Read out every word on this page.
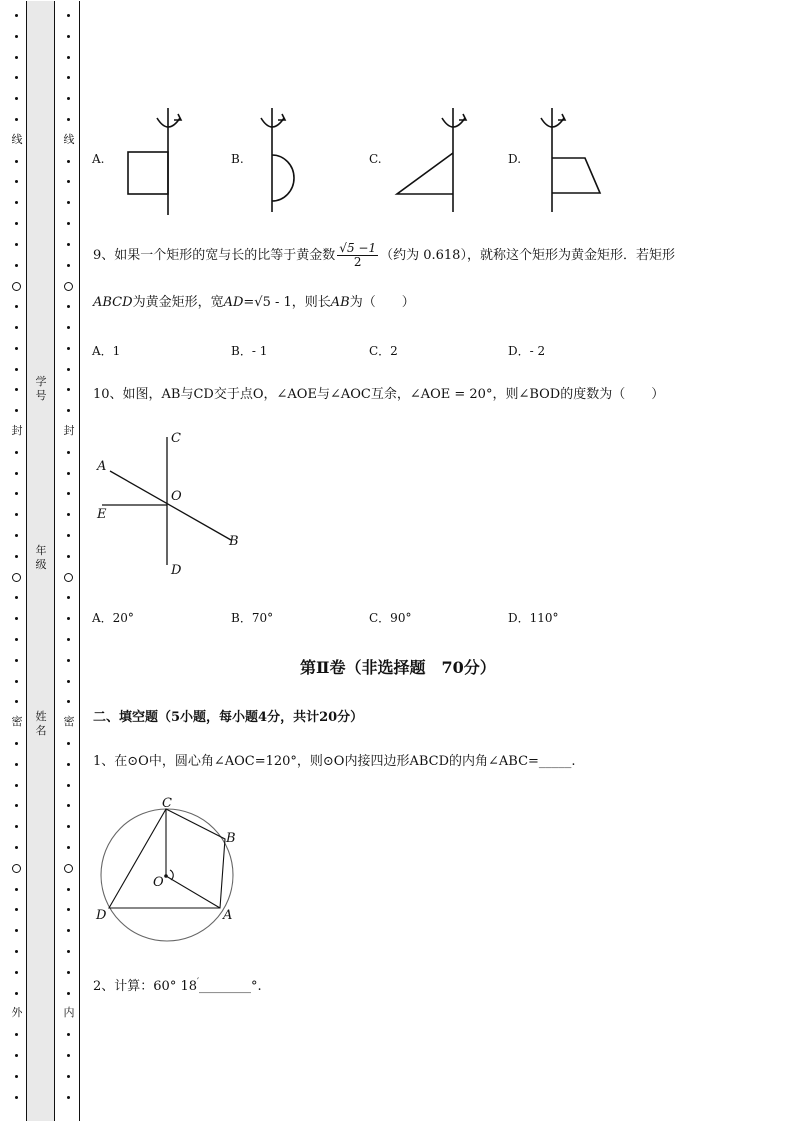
线
封
密
外
线
封
密
内
学号
年级
姓名
A.	B.	C.	D.
9、如果一个矩形的宽与长的比等于黄金数 $\frac{√5 -1}{2}$ （约为 0.618），就称这个矩形为黄金矩形．若矩形
ABCD为黄金矩形，宽AD=√5 - 1，则长AB为（　　）
A．1	B．- 1	C．2	D．- 2
10、如图，AB与CD交于点O，∠AOE与∠AOC互余，∠AOE = 20°，则∠BOD的度数为（　　）
C
A
O
E
B
D
A．20°	B．70°	C．90°	D．110°
第Ⅱ卷（非选择题　70分）
二、填空题（5小题，每小题4分，共计20分）
1、在⊙O中，圆心角∠AOC=120°，则⊙O内接四边形ABCD的内角∠ABC=_____.
C
B
O
D	A
2、计算：60° 18′________°.
